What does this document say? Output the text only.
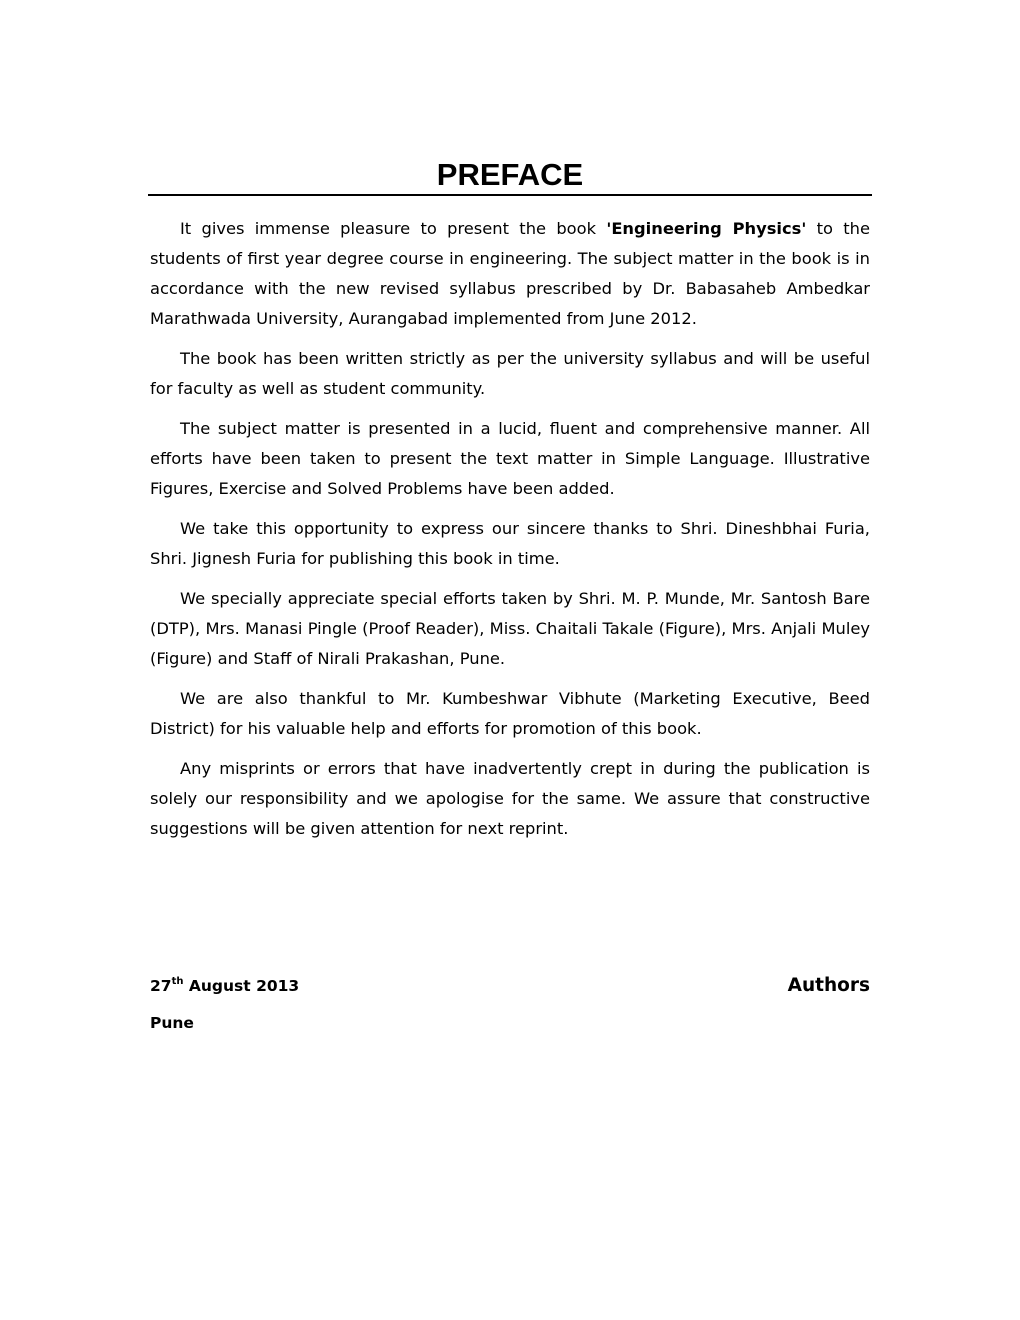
PREFACE

It gives immense pleasure to present the book 'Engineering Physics' to the students of first year degree course in engineering. The subject matter in the book is in accordance with the new revised syllabus prescribed by Dr. Babasaheb Ambedkar Marathwada University, Aurangabad implemented from June 2012.

The book has been written strictly as per the university syllabus and will be useful for faculty as well as student community.

The subject matter is presented in a lucid, fluent and comprehensive manner. All efforts have been taken to present the text matter in Simple Language. Illustrative Figures, Exercise and Solved Problems have been added.

We take this opportunity to express our sincere thanks to Shri. Dineshbhai Furia, Shri. Jignesh Furia for publishing this book in time.

We specially appreciate special efforts taken by Shri. M. P. Munde, Mr. Santosh Bare (DTP), Mrs. Manasi Pingle (Proof Reader), Miss. Chaitali Takale (Figure), Mrs. Anjali Muley (Figure) and Staff of Nirali Prakashan, Pune.

We are also thankful to Mr. Kumbeshwar Vibhute (Marketing Executive, Beed District) for his valuable help and efforts for promotion of this book.

Any misprints or errors that have inadvertently crept in during the publication is solely our responsibility and we apologise for the same. We assure that constructive suggestions will be given attention for next reprint.

27th August 2013	Authors
Pune
